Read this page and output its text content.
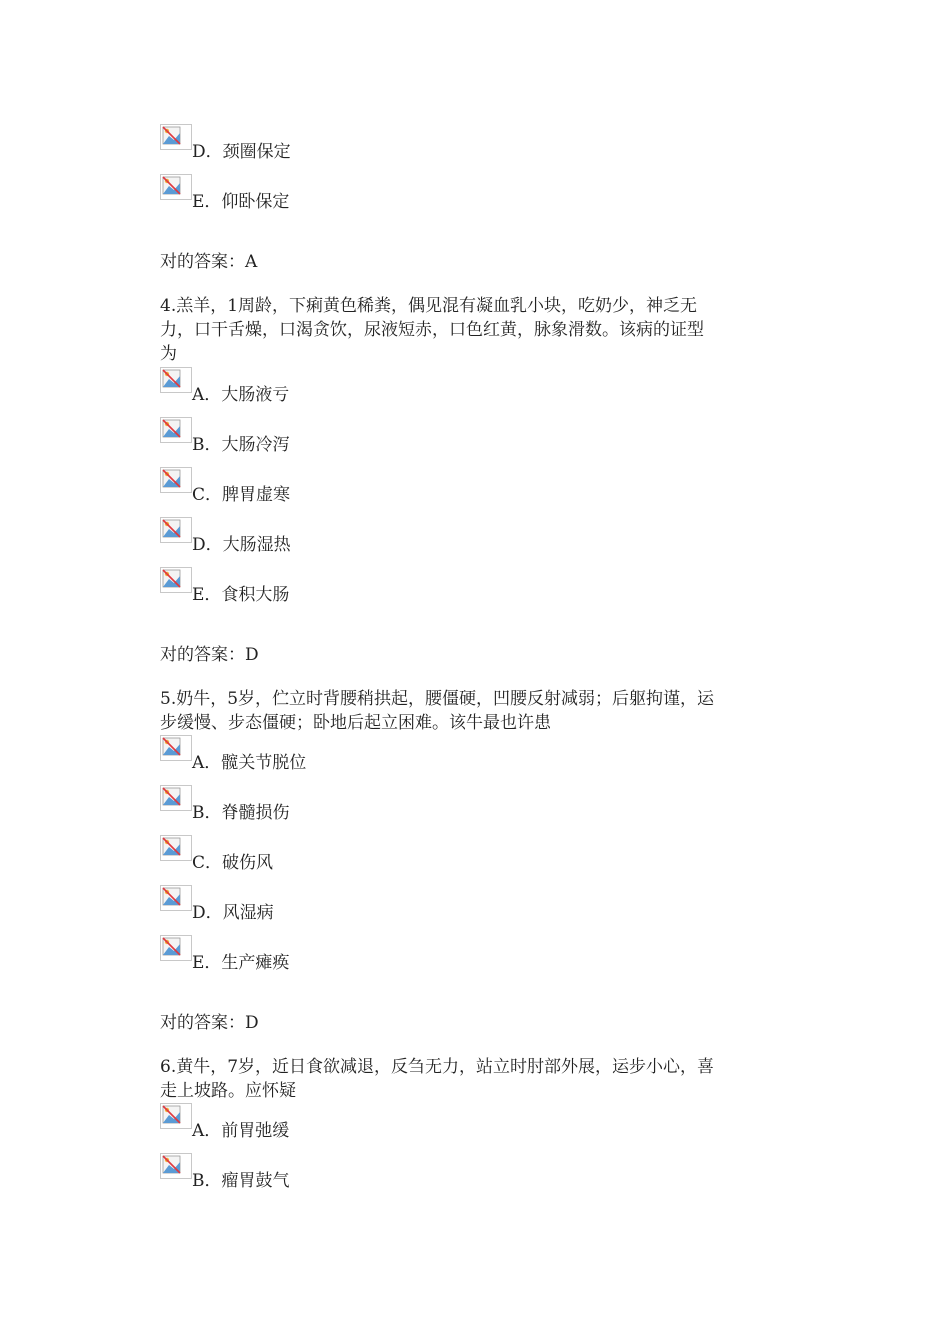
D．颈圈保定
E．仰卧保定
对的答案：A
4.羔羊，1周龄，下痢黄色稀粪，偶见混有凝血乳小块，吃奶少，神乏无
力，口干舌燥，口渴贪饮，尿液短赤，口色红黄，脉象滑数。该病的证型
为
A．大肠液亏
B．大肠冷泻
C．脾胃虚寒
D．大肠湿热
E．食积大肠
对的答案：D
5.奶牛，5岁，伫立时背腰稍拱起，腰僵硬，凹腰反射减弱；后躯拘谨，运
步缓慢、步态僵硬；卧地后起立困难。该牛最也许患
A．髋关节脱位
B．脊髓损伤
C．破伤风
D．风湿病
E．生产瘫痪
对的答案：D
6.黄牛，7岁，近日食欲减退，反刍无力，站立时肘部外展，运步小心，喜
走上坡路。应怀疑
A．前胃弛缓
B．瘤胃鼓气
